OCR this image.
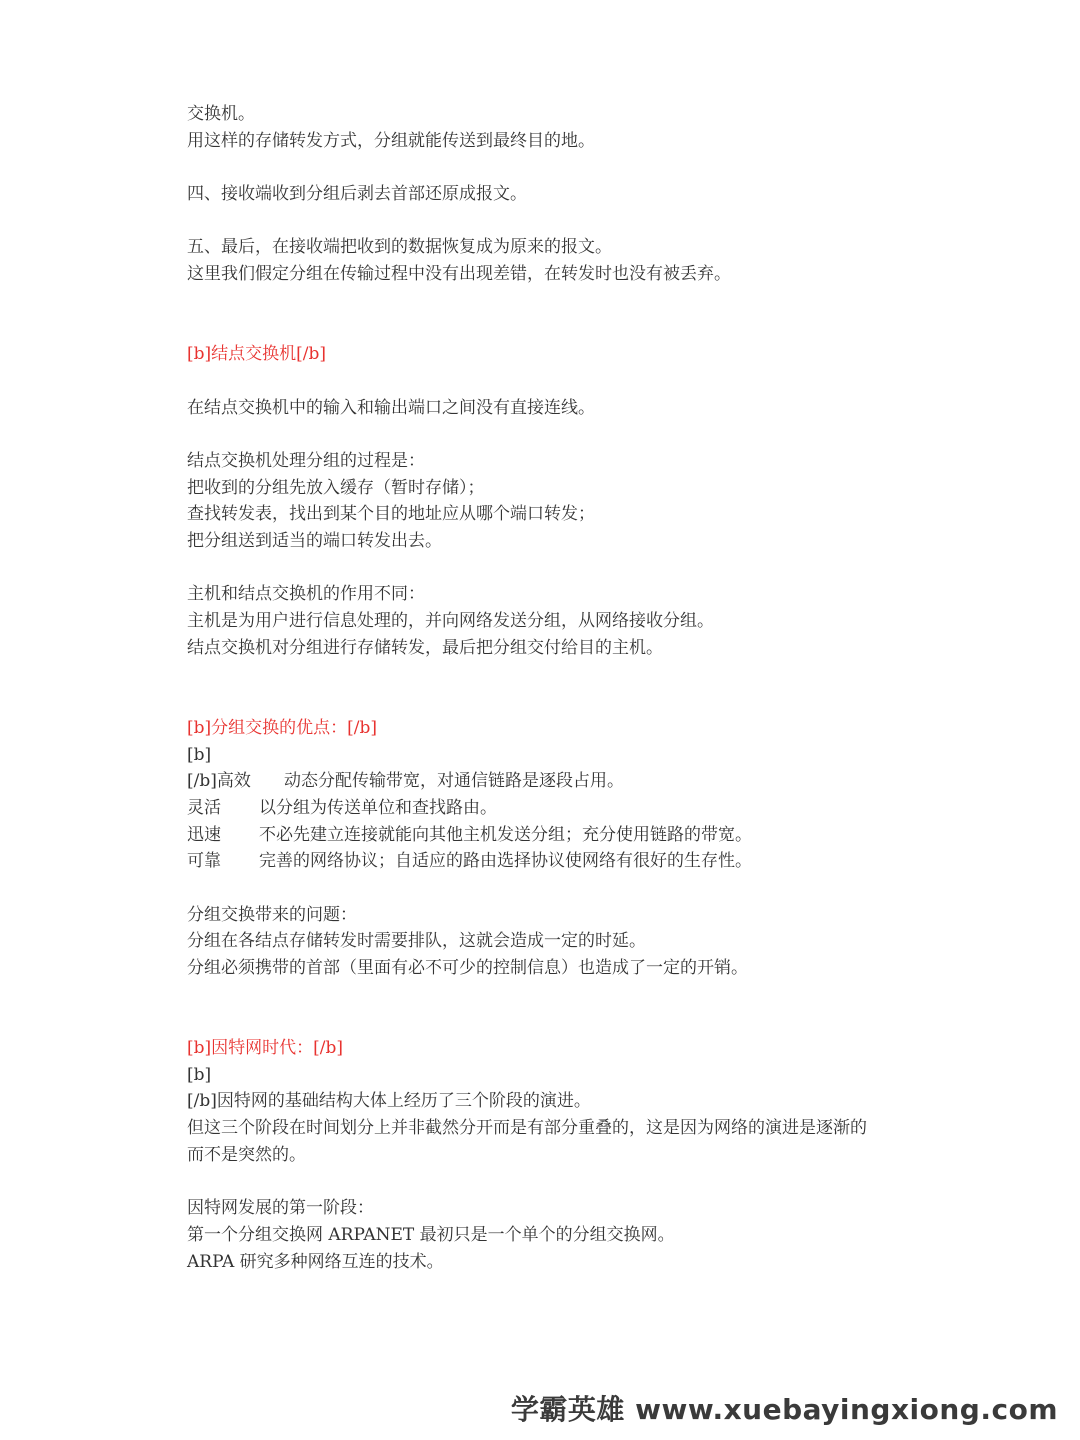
交换机。
用这样的存储转发方式，分组就能传送到最终目的地。
四、接收端收到分组后剥去首部还原成报文。
五、最后，在接收端把收到的数据恢复成为原来的报文。
这里我们假定分组在传输过程中没有出现差错，在转发时也没有被丢弃。
[b]结点交换机[/b]
在结点交换机中的输入和输出端口之间没有直接连线。
结点交换机处理分组的过程是：
把收到的分组先放入缓存（暂时存储）；
查找转发表，找出到某个目的地址应从哪个端口转发；
把分组送到适当的端口转发出去。
主机和结点交换机的作用不同：
主机是为用户进行信息处理的，并向网络发送分组，从网络接收分组。
结点交换机对分组进行存储转发，最后把分组交付给目的主机。
[b]分组交换的优点：[/b]
[b]
[/b]高效	动态分配传输带宽，对通信链路是逐段占用。
灵活	以分组为传送单位和查找路由。
迅速	不必先建立连接就能向其他主机发送分组；充分使用链路的带宽。
可靠	完善的网络协议；自适应的路由选择协议使网络有很好的生存性。
分组交换带来的问题：
分组在各结点存储转发时需要排队，这就会造成一定的时延。
分组必须携带的首部（里面有必不可少的控制信息）也造成了一定的开销。
[b]因特网时代：[/b]
[b]
[/b]因特网的基础结构大体上经历了三个阶段的演进。
但这三个阶段在时间划分上并非截然分开而是有部分重叠的，这是因为网络的演进是逐渐的
而不是突然的。
因特网发展的第一阶段：
第一个分组交换网 ARPANET 最初只是一个单个的分组交换网。
ARPA 研究多种网络互连的技术。
学霸英雄 www.xuebayingxiong.com
